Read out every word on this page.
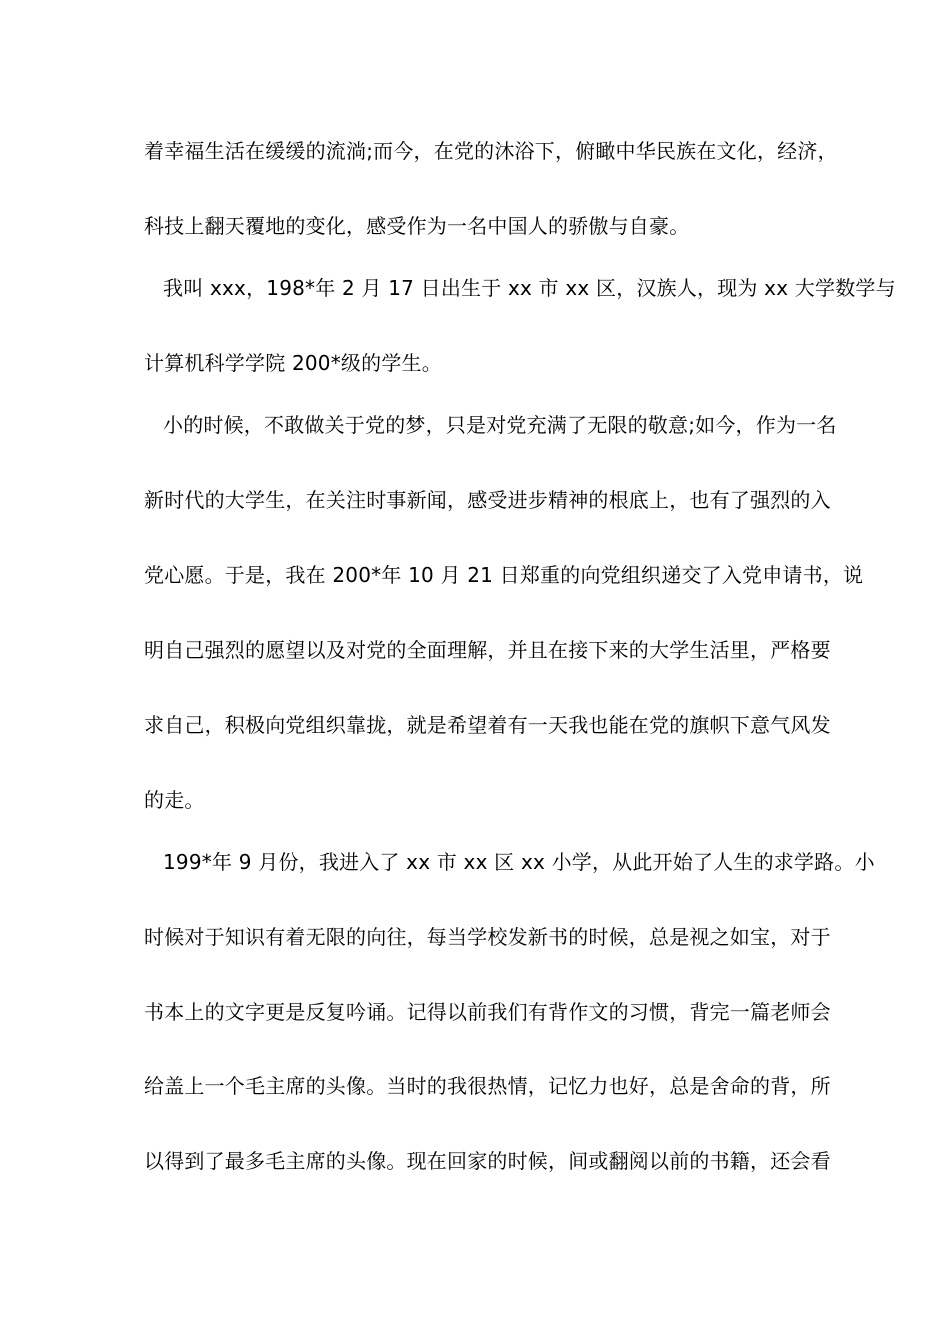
着幸福生活在缓缓的流淌;而今，在党的沐浴下，俯瞰中华民族在文化，经济，
科技上翻天覆地的变化，感受作为一名中国人的骄傲与自豪。
我叫 xxx，198*年 2 月 17 日出生于 xx 市 xx 区，汉族人，现为 xx 大学数学与
计算机科学学院 200*级的学生。
小的时候，不敢做关于党的梦，只是对党充满了无限的敬意;如今，作为一名
新时代的大学生，在关注时事新闻，感受进步精神的根底上，也有了强烈的入
党心愿。于是，我在 200*年 10 月 21 日郑重的向党组织递交了入党申请书，说
明自己强烈的愿望以及对党的全面理解，并且在接下来的大学生活里，严格要
求自己，积极向党组织靠拢，就是希望着有一天我也能在党的旗帜下意气风发
的走。
199*年 9 月份，我进入了 xx 市 xx 区 xx 小学，从此开始了人生的求学路。小
时候对于知识有着无限的向往，每当学校发新书的时候，总是视之如宝，对于
书本上的文字更是反复吟诵。记得以前我们有背作文的习惯，背完一篇老师会
给盖上一个毛主席的头像。当时的我很热情，记忆力也好，总是舍命的背，所
以得到了最多毛主席的头像。现在回家的时候，间或翻阅以前的书籍，还会看
